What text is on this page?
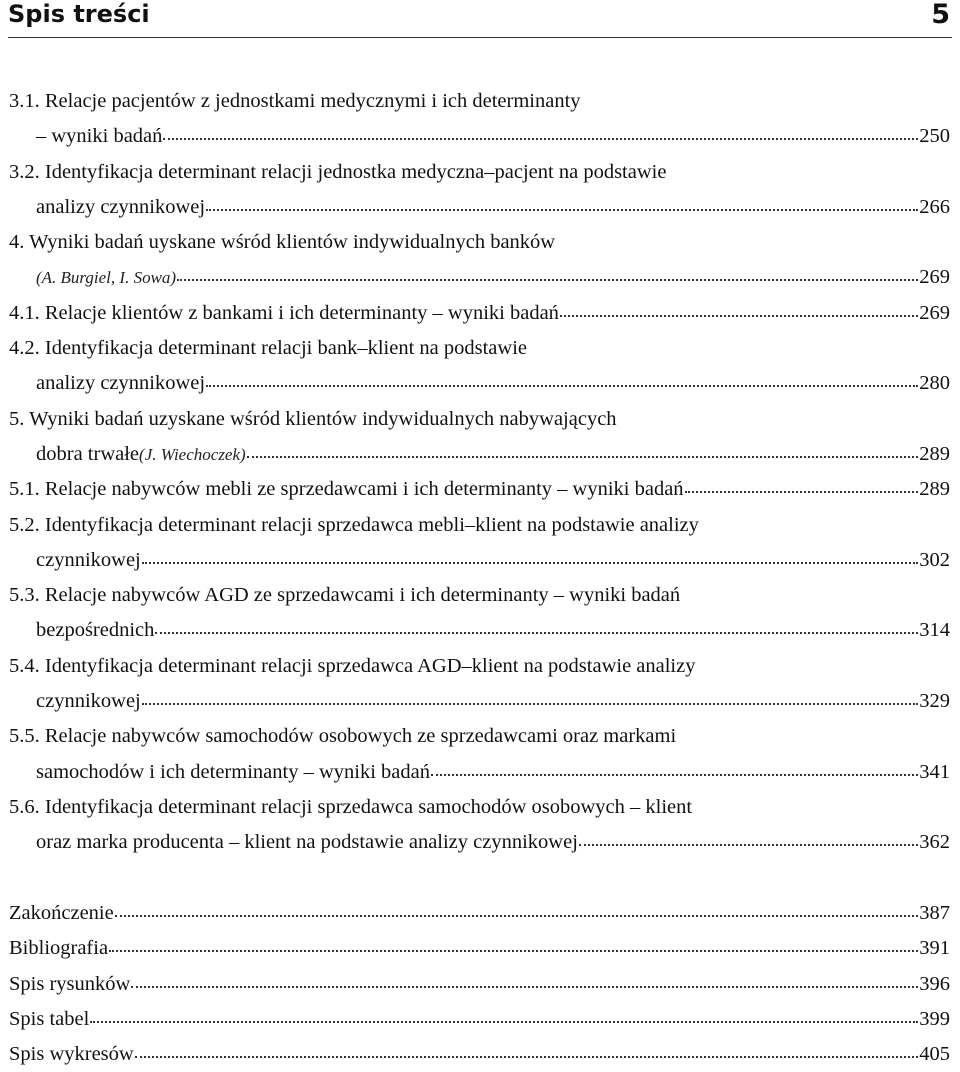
Spis treści	5
3.1. Relacje pacjentów z jednostkami medycznymi i ich determinanty
– wyniki badań	250
3.2. Identyfikacja determinant relacji jednostka medyczna–pacjent na podstawie
analizy czynnikowej	266
4. Wyniki badań uyskane wśród klientów indywidualnych banków
(A. Burgiel, I. Sowa)	269
4.1. Relacje klientów z bankami i ich determinanty – wyniki badań	269
4.2. Identyfikacja determinant relacji bank–klient na podstawie
analizy czynnikowej	280
5. Wyniki badań uzyskane wśród klientów indywidualnych nabywających
dobra trwałe (J. Wiechoczek)	289
5.1. Relacje nabywców mebli ze sprzedawcami i ich determinanty – wyniki badań	289
5.2. Identyfikacja determinant relacji sprzedawca mebli–klient na podstawie analizy
czynnikowej	302
5.3. Relacje nabywców AGD ze sprzedawcami i ich determinanty – wyniki badań
bezpośrednich	314
5.4. Identyfikacja determinant relacji sprzedawca AGD–klient na podstawie analizy
czynnikowej	329
5.5. Relacje nabywców samochodów osobowych ze sprzedawcami oraz markami
samochodów i ich determinanty – wyniki badań	341
5.6. Identyfikacja determinant relacji sprzedawca samochodów osobowych – klient
oraz marka producenta – klient na podstawie analizy czynnikowej	362
Zakończenie	387
Bibliografia	391
Spis rysunków	396
Spis tabel	399
Spis wykresów	405
